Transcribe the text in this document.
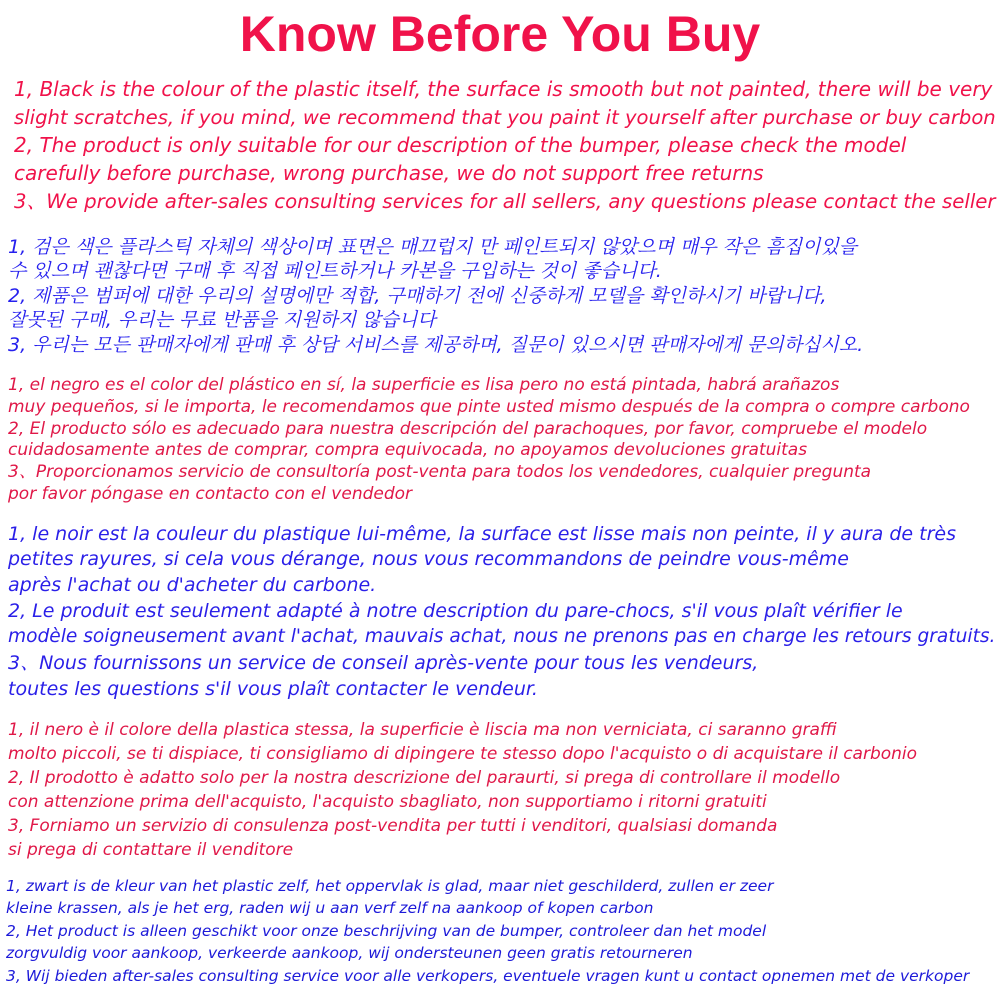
Know Before You Buy
1, Black is the colour of the plastic itself, the surface is smooth but not painted, there will be very
slight scratches, if you mind, we recommend that you paint it yourself after purchase or buy carbon
2, The product is only suitable for our description of the bumper, please check the model
carefully before purchase, wrong purchase, we do not support free returns
3、We provide after-sales consulting services for all sellers, any questions please contact the seller
1, 검은 색은 플라스틱 자체의 색상이며 표면은 매끄럽지 만 페인트되지 않았으며 매우 작은 흠집이있을
수 있으며 괜찮다면 구매 후 직접 페인트하거나 카본을 구입하는 것이 좋습니다.
2, 제품은 범퍼에 대한 우리의 설명에만 적합, 구매하기 전에 신중하게 모델을 확인하시기 바랍니다,
잘못된 구매, 우리는 무료 반품을 지원하지 않습니다
3, 우리는 모든 판매자에게 판매 후 상담 서비스를 제공하며, 질문이 있으시면 판매자에게 문의하십시오.
1, el negro es el color del plástico en sí, la superficie es lisa pero no está pintada, habrá arañazos
muy pequeños, si le importa, le recomendamos que pinte usted mismo después de la compra o compre carbono
2, El producto sólo es adecuado para nuestra descripción del parachoques, por favor, compruebe el modelo
cuidadosamente antes de comprar, compra equivocada, no apoyamos devoluciones gratuitas
3、Proporcionamos servicio de consultoría post-venta para todos los vendedores, cualquier pregunta
por favor póngase en contacto con el vendedor
1, le noir est la couleur du plastique lui-même, la surface est lisse mais non peinte, il y aura de très
petites rayures, si cela vous dérange, nous vous recommandons de peindre vous-même
après l'achat ou d'acheter du carbone.
2, Le produit est seulement adapté à notre description du pare-chocs, s'il vous plaît vérifier le
modèle soigneusement avant l'achat, mauvais achat, nous ne prenons pas en charge les retours gratuits.
3、Nous fournissons un service de conseil après-vente pour tous les vendeurs,
toutes les questions s'il vous plaît contacter le vendeur.
1, il nero è il colore della plastica stessa, la superficie è liscia ma non verniciata, ci saranno graffi
molto piccoli, se ti dispiace, ti consigliamo di dipingere te stesso dopo l'acquisto o di acquistare il carbonio
2, Il prodotto è adatto solo per la nostra descrizione del paraurti, si prega di controllare il modello
con attenzione prima dell'acquisto, l'acquisto sbagliato, non supportiamo i ritorni gratuiti
3, Forniamo un servizio di consulenza post-vendita per tutti i venditori, qualsiasi domanda
si prega di contattare il venditore
1, zwart is de kleur van het plastic zelf, het oppervlak is glad, maar niet geschilderd, zullen er zeer
kleine krassen, als je het erg, raden wij u aan verf zelf na aankoop of kopen carbon
2, Het product is alleen geschikt voor onze beschrijving van de bumper, controleer dan het model
zorgvuldig voor aankoop, verkeerde aankoop, wij ondersteunen geen gratis retourneren
3, Wij bieden after-sales consulting service voor alle verkopers, eventuele vragen kunt u contact opnemen met de verkoper
